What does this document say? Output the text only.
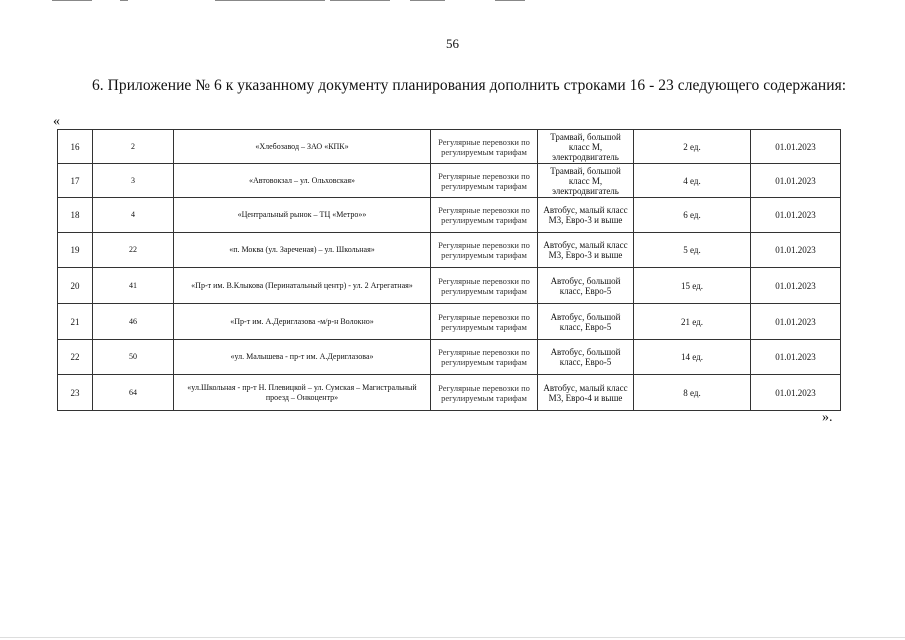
56
6. Приложение № 6 к указанному документу планирования дополнить строками 16 - 23 следующего содержания:
«
16	2	«Хлебозавод – ЗАО «КПК»	Регулярные перевозки по регулируемым тарифам	Трамвай, большой класс М, электродвигатель	2 ед.	01.01.2023
17	3	«Автовокзал – ул. Ольховская»	Регулярные перевозки по регулируемым тарифам	Трамвай, большой класс М, электродвигатель	4 ед.	01.01.2023
18	4	«Центральный рынок – ТЦ «Метро»»	Регулярные перевозки по регулируемым тарифам	Автобус, малый класс М3, Евро-3 и выше	6 ед.	01.01.2023
19	22	«п. Моква (ул. Зареченая) – ул. Школьная»	Регулярные перевозки по регулируемым тарифам	Автобус, малый класс М3, Евро-3 и выше	5 ед.	01.01.2023
20	41	«Пр-т им. В.Клыкова (Перинатальный центр) - ул. 2 Агрегатная»	Регулярные перевозки по регулируемым тарифам	Автобус, большой класс, Евро-5	15 ед.	01.01.2023
21	46	«Пр-т им. А.Дериглазова -м/р-н Волокно»	Регулярные перевозки по регулируемым тарифам	Автобус, большой класс, Евро-5	21 ед.	01.01.2023
22	50	«ул. Малышева - пр-т им. А.Дериглазова»	Регулярные перевозки по регулируемым тарифам	Автобус, большой класс, Евро-5	14 ед.	01.01.2023
23	64	«ул.Школьная - пр-т Н. Плевицкой – ул. Сумская – Магистральный проезд – Онкоцентр»	Регулярные перевозки по регулируемым тарифам	Автобус, малый класс М3, Евро-4 и выше	8 ед.	01.01.2023
».
